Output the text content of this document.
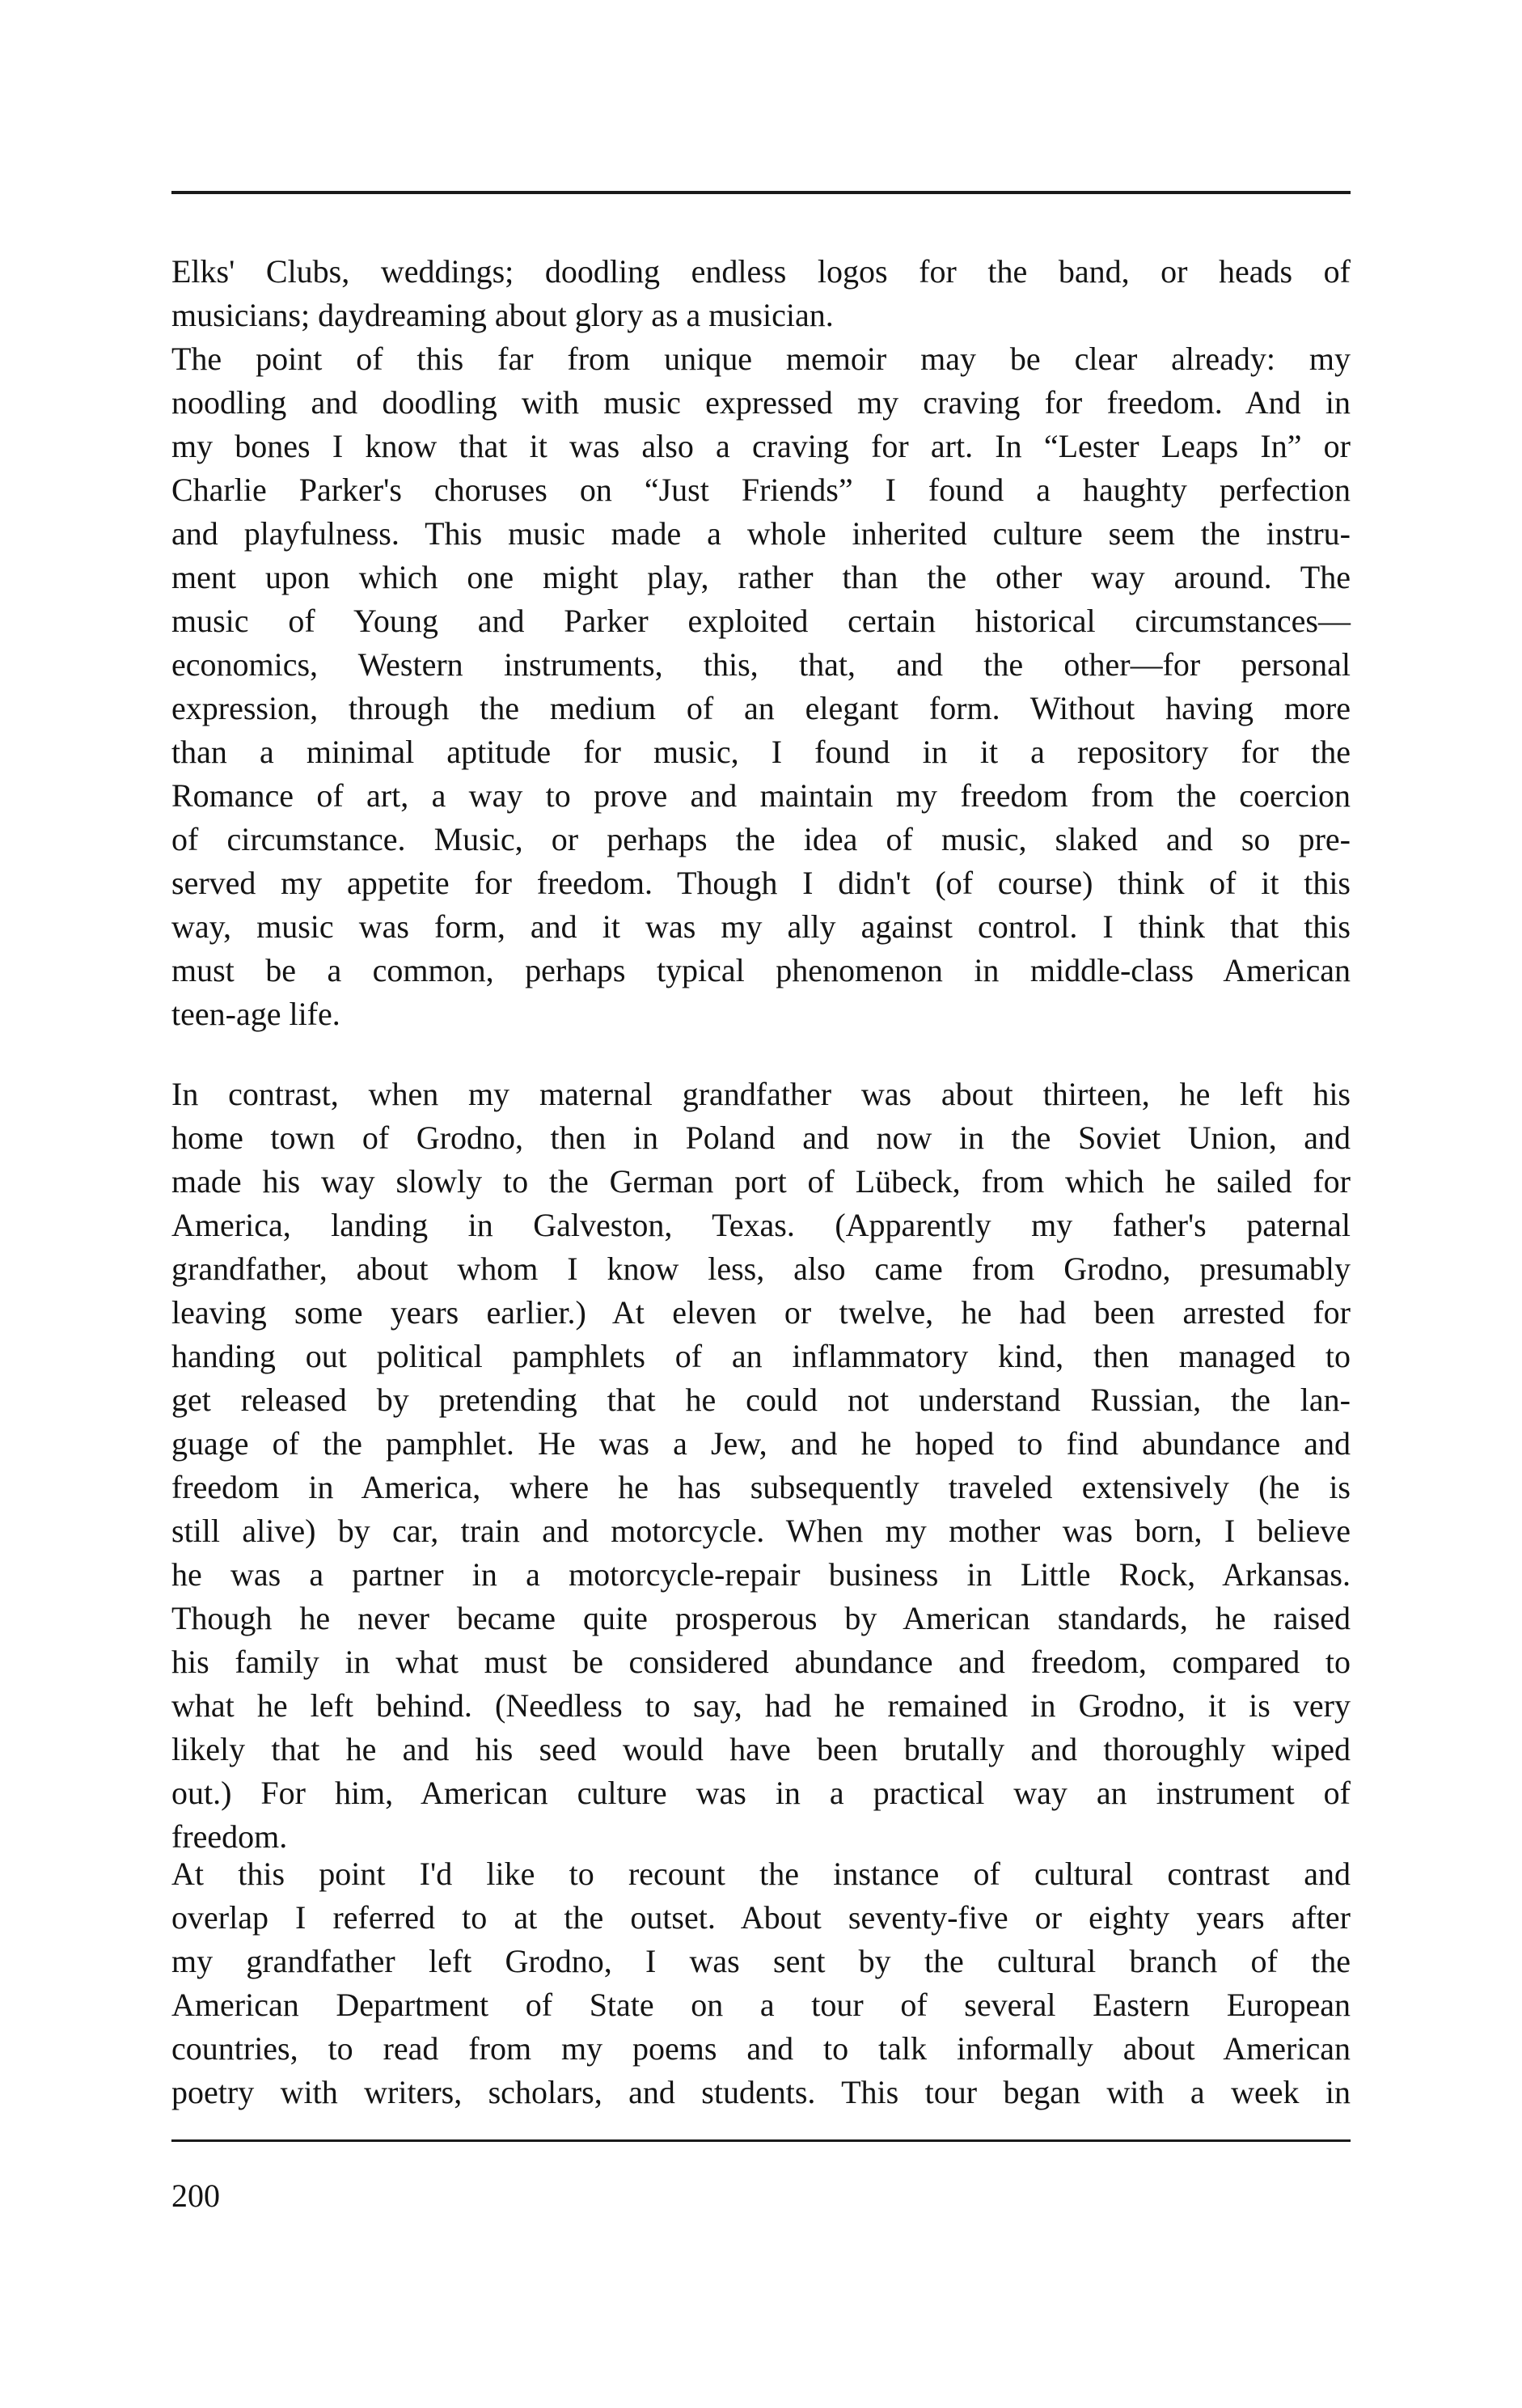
Elks' Clubs, weddings; doodling endless logos for the band, or heads of
musicians; daydreaming about glory as a musician.
The point of this far from unique memoir may be clear already: my
noodling and doodling with music expressed my craving for freedom. And in
my bones I know that it was also a craving for art. In “Lester Leaps In” or
Charlie Parker's choruses on “Just Friends” I found a haughty perfection
and playfulness. This music made a whole inherited culture seem the instru-
ment upon which one might play, rather than the other way around. The
music of Young and Parker exploited certain historical circumstances—
economics, Western instruments, this, that, and the other—for personal
expression, through the medium of an elegant form. Without having more
than a minimal aptitude for music, I found in it a repository for the
Romance of art, a way to prove and maintain my freedom from the coercion
of circumstance. Music, or perhaps the idea of music, slaked and so pre-
served my appetite for freedom. Though I didn't (of course) think of it this
way, music was form, and it was my ally against control. I think that this
must be a common, perhaps typical phenomenon in middle-class American
teen-age life.
In contrast, when my maternal grandfather was about thirteen, he left his
home town of Grodno, then in Poland and now in the Soviet Union, and
made his way slowly to the German port of Lübeck, from which he sailed for
America, landing in Galveston, Texas. (Apparently my father's paternal
grandfather, about whom I know less, also came from Grodno, presumably
leaving some years earlier.) At eleven or twelve, he had been arrested for
handing out political pamphlets of an inflammatory kind, then managed to
get released by pretending that he could not understand Russian, the lan-
guage of the pamphlet. He was a Jew, and he hoped to find abundance and
freedom in America, where he has subsequently traveled extensively (he is
still alive) by car, train and motorcycle. When my mother was born, I believe
he was a partner in a motorcycle-repair business in Little Rock, Arkansas.
Though he never became quite prosperous by American standards, he raised
his family in what must be considered abundance and freedom, compared to
what he left behind. (Needless to say, had he remained in Grodno, it is very
likely that he and his seed would have been brutally and thoroughly wiped
out.) For him, American culture was in a practical way an instrument of
freedom.
At this point I'd like to recount the instance of cultural contrast and
overlap I referred to at the outset. About seventy-five or eighty years after
my grandfather left Grodno, I was sent by the cultural branch of the
American Department of State on a tour of several Eastern European
countries, to read from my poems and to talk informally about American
poetry with writers, scholars, and students. This tour began with a week in
200
